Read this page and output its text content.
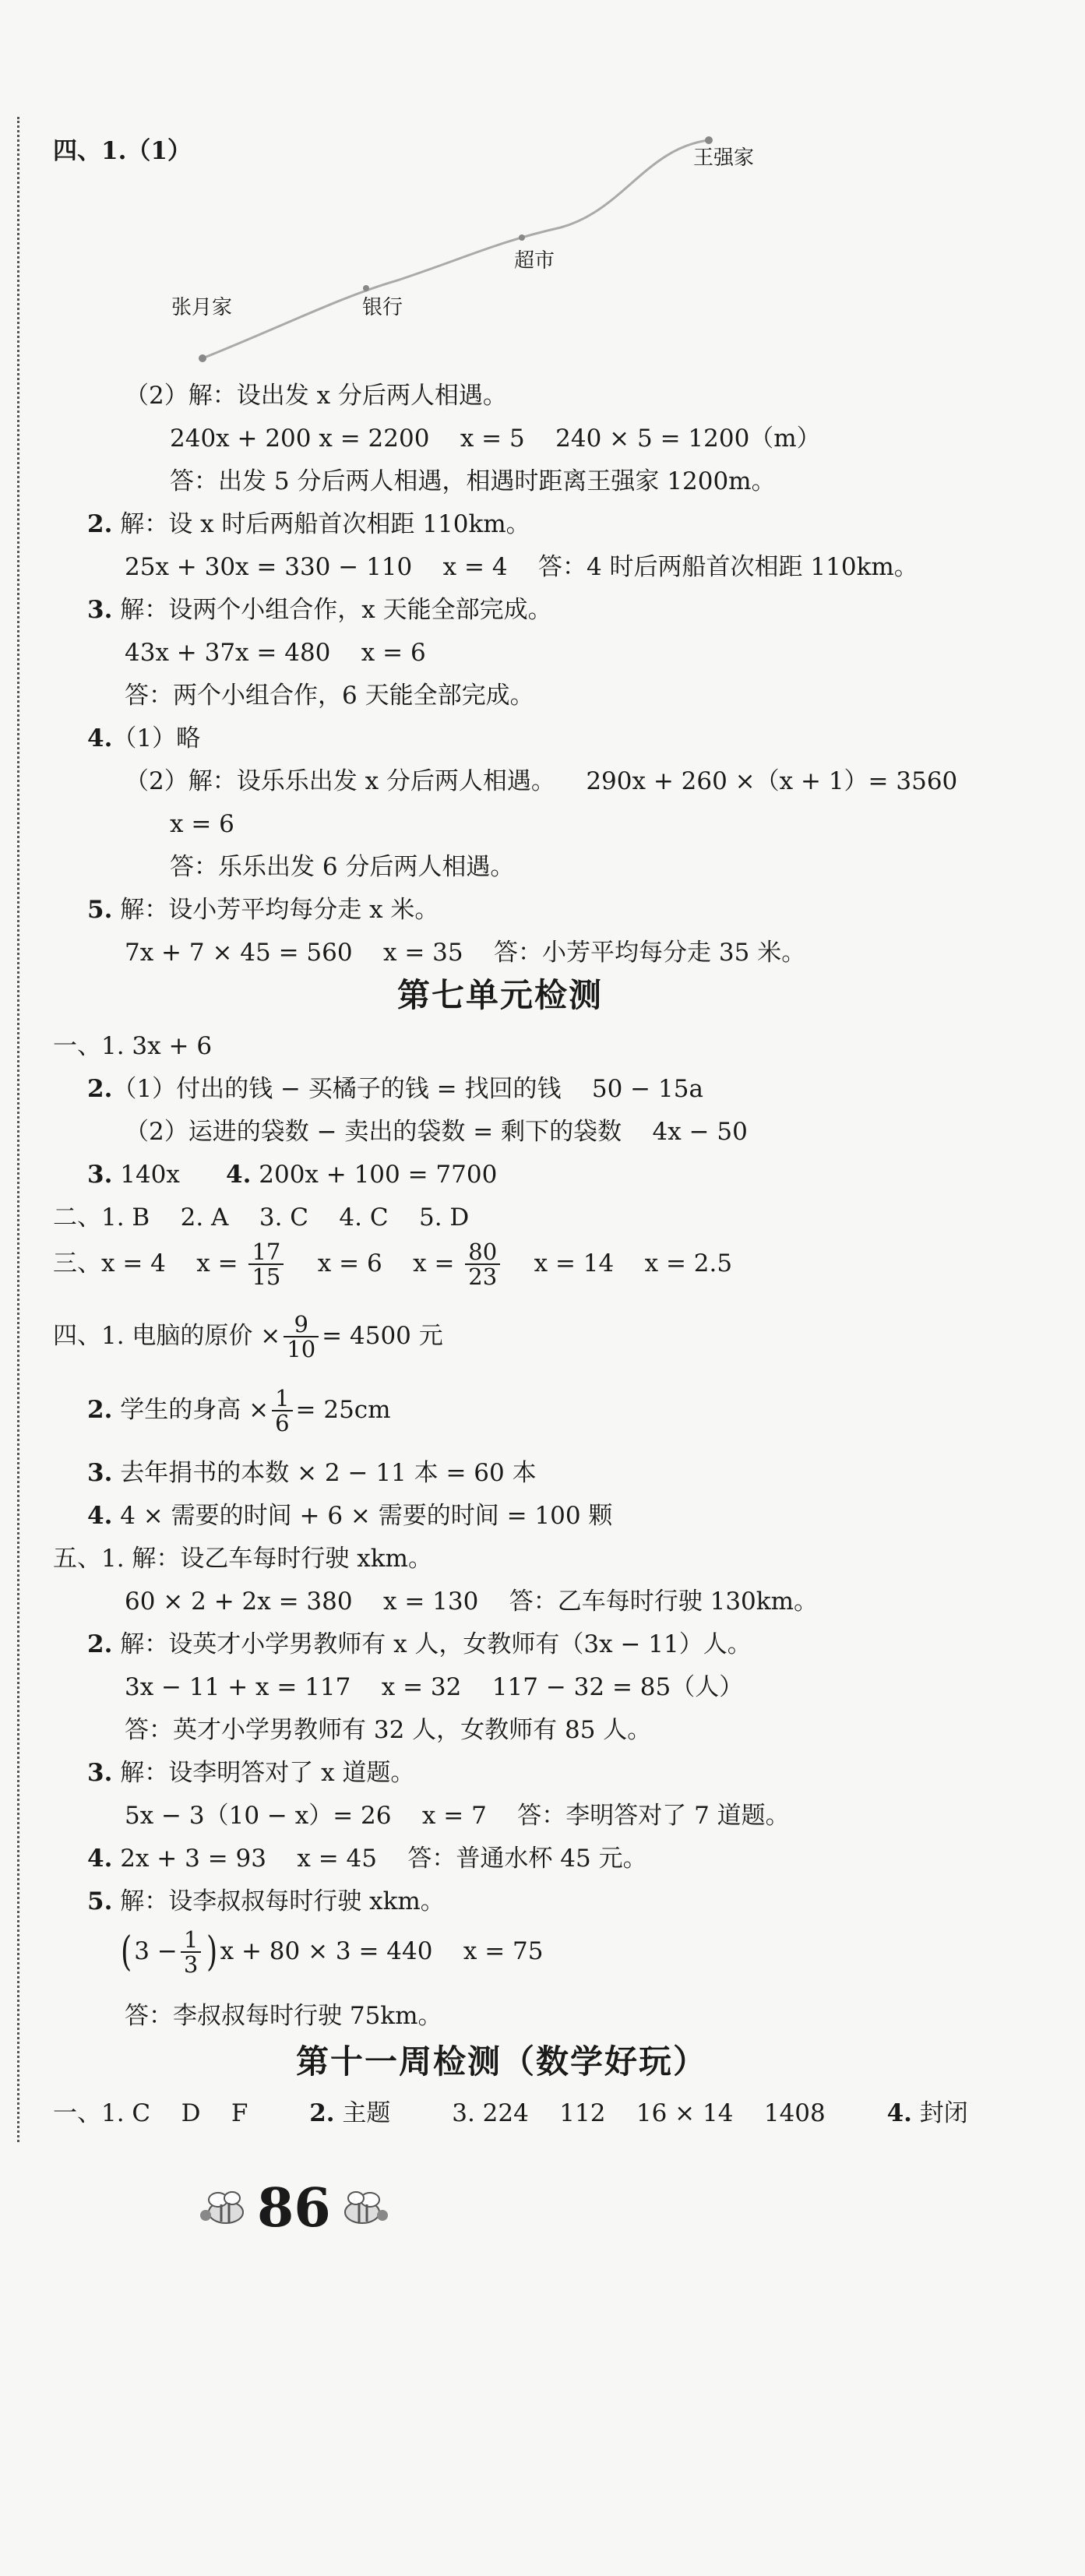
四、1.（1）
张月家	银行
超市
王强家
（2）解：设出发 x 分后两人相遇。
240x + 200 x = 2200    x = 5    240 × 5 = 1200（m）
答：出发 5 分后两人相遇，相遇时距离王强家 1200m。
2. 解：设 x 时后两船首次相距 110km。
25x + 30x = 330 − 110    x = 4    答：4 时后两船首次相距 110km。
3. 解：设两个小组合作，x 天能全部完成。
43x + 37x = 480    x = 6
答：两个小组合作，6 天能全部完成。
4.（1）略
（2）解：设乐乐出发 x 分后两人相遇。    290x + 260 ×（x + 1）= 3560
x = 6
答：乐乐出发 6 分后两人相遇。
5. 解：设小芳平均每分走 x 米。
7x + 7 × 45 = 560    x = 35    答：小芳平均每分走 35 米。
第七单元检测
一、1. 3x + 6
2.（1）付出的钱 − 买橘子的钱 = 找回的钱    50 − 15a
（2）运进的袋数 − 卖出的袋数 = 剩下的袋数    4x − 50
3. 140x      4. 200x + 100 = 7700
二、1. B    2. A    3. C    4. C    5. D
三、x = 4    $x = \frac{17}{15}$ x = 6    $x = \frac{80}{23}$ x = 14    x = 2.5
四、1. 电脑的原价 × $\frac{9}{10} = 4500$ 元
2. 学生的身高 × $\frac{1}{6} = 25cm$
3. 去年捐书的本数 × 2 − 11 本 = 60 本
4. 4 × 需要的时间 + 6 × 需要的时间 = 100 颗
五、1. 解：设乙车每时行驶 xkm。
60 × 2 + 2x = 380    x = 130    答：乙车每时行驶 130km。
2. 解：设英才小学男教师有 x 人，女教师有（3x − 11）人。
3x − 11 + x = 117    x = 32    117 − 32 = 85（人）
答：英才小学男教师有 32 人，女教师有 85 人。
3. 解：设李明答对了 x 道题。
5x − 3（10 − x）= 26    x = 7    答：李明答对了 7 道题。
4. 2x + 3 = 93    x = 45    答：普通水杯 45 元。
5. 解：设李叔叔每时行驶 xkm。
$(3 - \frac{1}{3} )x + 80 \times 3 = 440$    x = 75
答：李叔叔每时行驶 75km。
第十一周检测（数学好玩）
一、1. C    D    F        2. 主题        3. 224    112    16 × 14    1408        4. 封闭
86
